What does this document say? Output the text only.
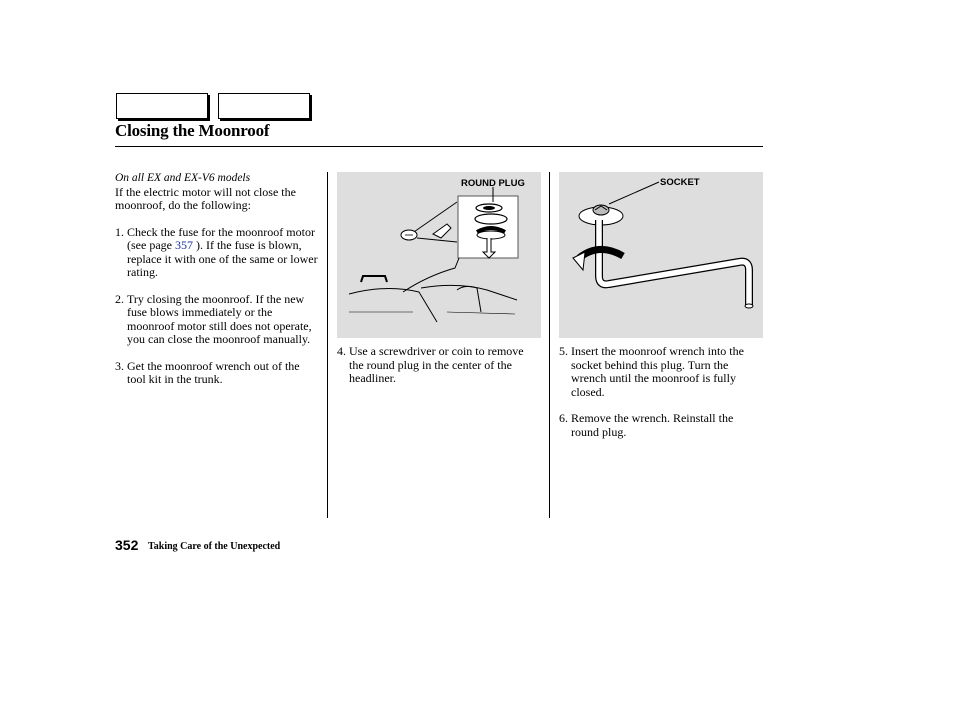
Closing the Moonroof
On all EX and EX-V6 models

If the electric motor will not close the moonroof, do the following:

1. Check the fuse for the moonroof motor (see page 357 ). If the fuse is blown, replace it with one of the same or lower rating.
2. Try closing the moonroof. If the new fuse blows immediately or the moonroof motor still does not operate, you can close the moonroof manually.
3. Get the moonroof wrench out of the tool kit in the trunk.
ROUND PLUG	SOCKET
4. Use a screwdriver or coin to remove the round plug in the center of the headliner.
5. Insert the moonroof wrench into the socket behind this plug. Turn the wrench until the moonroof is fully closed.
6. Remove the wrench. Reinstall the round plug.
352 Taking Care of the Unexpected
